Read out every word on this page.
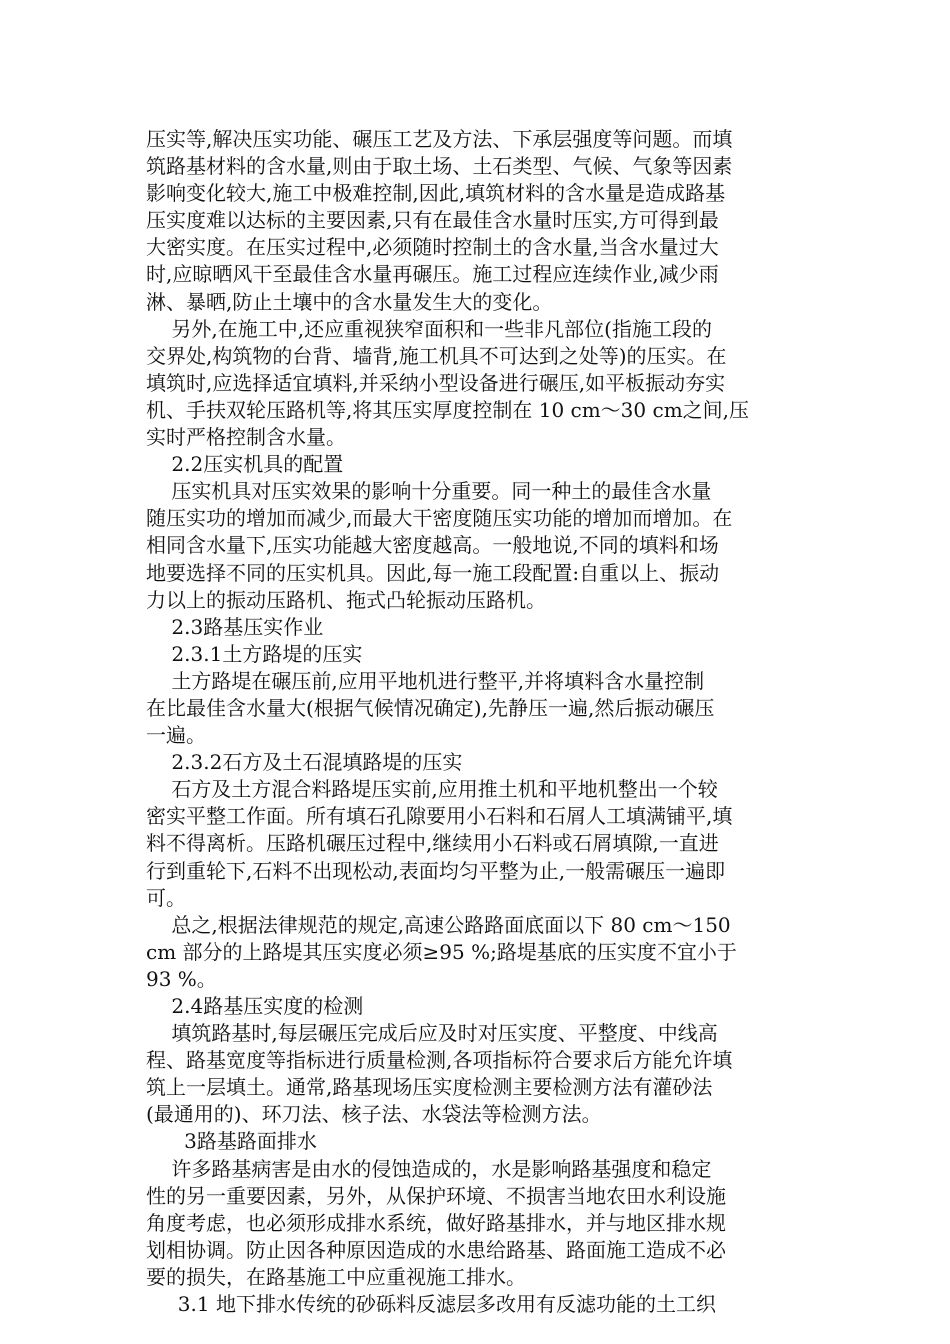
压实等,解决压实功能、碾压工艺及方法、下承层强度等问题。而填
筑路基材料的含水量,则由于取土场、土石类型、气候、气象等因素
影响变化较大,施工中极难控制,因此,填筑材料的含水量是造成路基
压实度难以达标的主要因素,只有在最佳含水量时压实,方可得到最
大密实度。在压实过程中,必须随时控制土的含水量,当含水量过大
时,应晾晒风干至最佳含水量再碾压。施工过程应连续作业,减少雨
淋、暴晒,防止土壤中的含水量发生大的变化。
另外,在施工中,还应重视狭窄面积和一些非凡部位(指施工段的
交界处,构筑物的台背、墙背,施工机具不可达到之处等)的压实。在
填筑时,应选择适宜填料,并采纳小型设备进行碾压,如平板振动夯实
机、手扶双轮压路机等,将其压实厚度控制在 10 cm～30 cm之间,压
实时严格控制含水量。
2.2压实机具的配置
压实机具对压实效果的影响十分重要。同一种土的最佳含水量
随压实功的增加而减少,而最大干密度随压实功能的增加而增加。在
相同含水量下,压实功能越大密度越高。一般地说,不同的填料和场
地要选择不同的压实机具。因此,每一施工段配置:自重以上、振动
力以上的振动压路机、拖式凸轮振动压路机。
2.3路基压实作业
2.3.1土方路堤的压实
土方路堤在碾压前,应用平地机进行整平,并将填料含水量控制
在比最佳含水量大(根据气候情况确定),先静压一遍,然后振动碾压
一遍。
2.3.2石方及土石混填路堤的压实
石方及土方混合料路堤压实前,应用推土机和平地机整出一个较
密实平整工作面。所有填石孔隙要用小石料和石屑人工填满铺平,填
料不得离析。压路机碾压过程中,继续用小石料或石屑填隙,一直进
行到重轮下,石料不出现松动,表面均匀平整为止,一般需碾压一遍即
可。
总之,根据法律规范的规定,高速公路路面底面以下 80 cm～150
cm 部分的上路堤其压实度必须≥95 %;路堤基底的压实度不宜小于
93 %。
2.4路基压实度的检测
填筑路基时,每层碾压完成后应及时对压实度、平整度、中线高
程、路基宽度等指标进行质量检测,各项指标符合要求后方能允许填
筑上一层填土。通常,路基现场压实度检测主要检测方法有灌砂法
(最通用的)、环刀法、核子法、水袋法等检测方法。
3路基路面排水
许多路基病害是由水的侵蚀造成的，水是影响路基强度和稳定
性的另一重要因素，另外，从保护环境、不损害当地农田水利设施
角度考虑，也必须形成排水系统，做好路基排水，并与地区排水规
划相协调。防止因各种原因造成的水患给路基、路面施工造成不必
要的损失，在路基施工中应重视施工排水。
3.1 地下排水传统的砂砾料反滤层多改用有反滤功能的土工织
